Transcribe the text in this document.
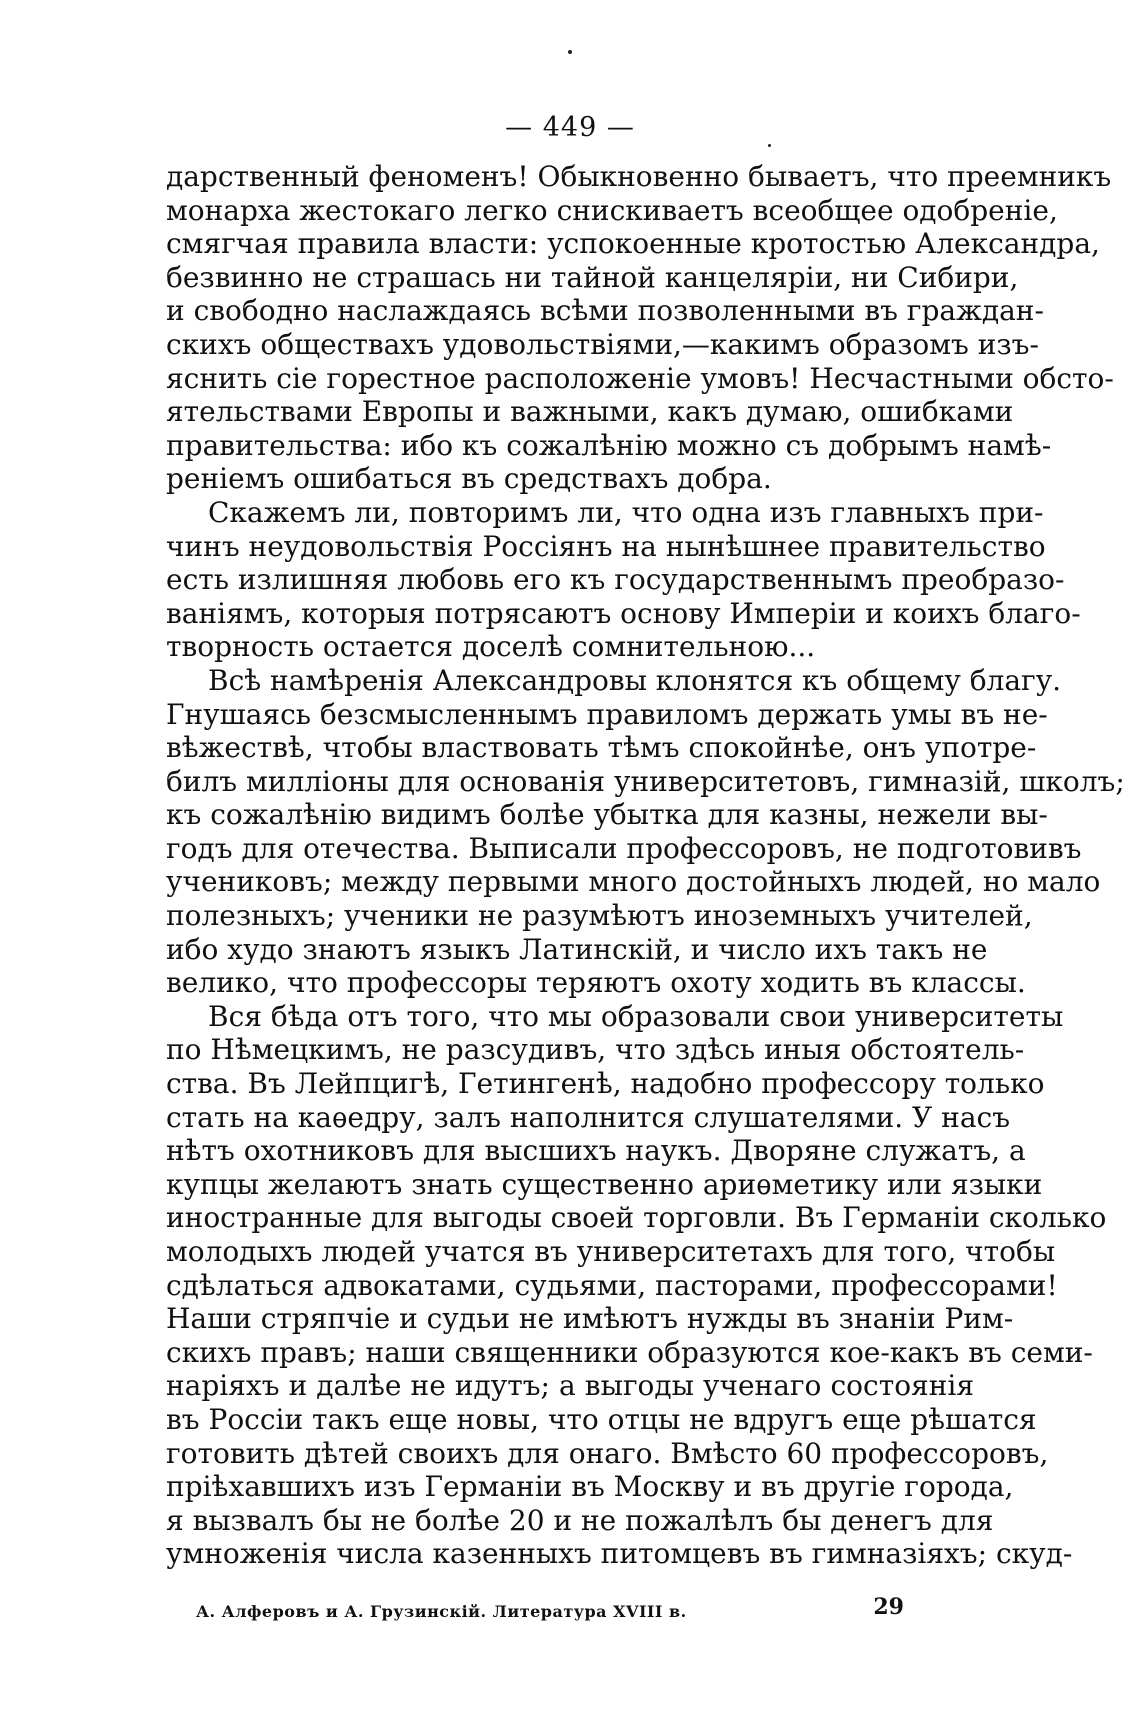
— 449 —
дарственный феноменъ! Обыкновенно бываетъ, что преемникъ
монарха жестокаго легко снискиваетъ всеобщее одобреніе,
смягчая правила власти: успокоенные кротостью Александра,
безвинно не страшась ни тайной канцеляріи, ни Сибири,
и свободно наслаждаясь всѣми позволенными въ граждан-
скихъ обществахъ удовольствіями,—какимъ образомъ изъ-
яснить сіе горестное расположеніе умовъ! Несчастными обсто-
ятельствами Европы и важными, какъ думаю, ошибками
правительства: ибо къ сожалѣнію можно съ добрымъ намѣ-
реніемъ ошибаться въ средствахъ добра.
Скажемъ ли, повторимъ ли, что одна изъ главныхъ при-
чинъ неудовольствія Россіянъ на нынѣшнее правительство
есть излишняя любовь его къ государственнымъ преобразо-
ваніямъ, которыя потрясаютъ основу Имперіи и коихъ благо-
творность остается доселѣ сомнительною...
Всѣ намѣренія Александровы клонятся къ общему благу.
Гнушаясь безсмысленнымъ правиломъ держать умы въ не-
вѣжествѣ, чтобы властвовать тѣмъ спокойнѣе, онъ употре-
билъ милліоны для основанія университетовъ, гимназій, школъ;
къ сожалѣнію видимъ болѣе убытка для казны, нежели вы-
годъ для отечества. Выписали профессоровъ, не подготовивъ
учениковъ; между первыми много достойныхъ людей, но мало
полезныхъ; ученики не разумѣютъ иноземныхъ учителей,
ибо худо знаютъ языкъ Латинскій, и число ихъ такъ не
велико, что профессоры теряютъ охоту ходить въ классы.
Вся бѣда отъ того, что мы образовали свои университеты
по Нѣмецкимъ, не разсудивъ, что здѣсь иныя обстоятель-
ства. Въ Лейпцигѣ, Гетингенѣ, надобно профессору только
стать на каѳедру, залъ наполнится слушателями. У насъ
нѣтъ охотниковъ для высшихъ наукъ. Дворяне служатъ, а
купцы желаютъ знать существенно ариѳметику или языки
иностранные для выгоды своей торговли. Въ Германіи сколько
молодыхъ людей учатся въ университетахъ для того, чтобы
сдѣлаться адвокатами, судьями, пасторами, профессорами!
Наши стряпчіе и судьи не имѣютъ нужды въ знаніи Рим-
скихъ правъ; наши священники образуются кое-какъ въ семи-
наріяхъ и далѣе не идутъ; а выгоды ученаго состоянія
въ Россіи такъ еще новы, что отцы не вдругъ еще рѣшатся
готовить дѣтей своихъ для онаго. Вмѣсто 60 профессоровъ,
пріѣхавшихъ изъ Германіи въ Москву и въ другіе города,
я вызвалъ бы не болѣе 20 и не пожалѣлъ бы денегъ для
умноженія числа казенныхъ питомцевъ въ гимназіяхъ; скуд-
А. Алферовъ и А. Грузинскій. Литература XVIII в.	29
